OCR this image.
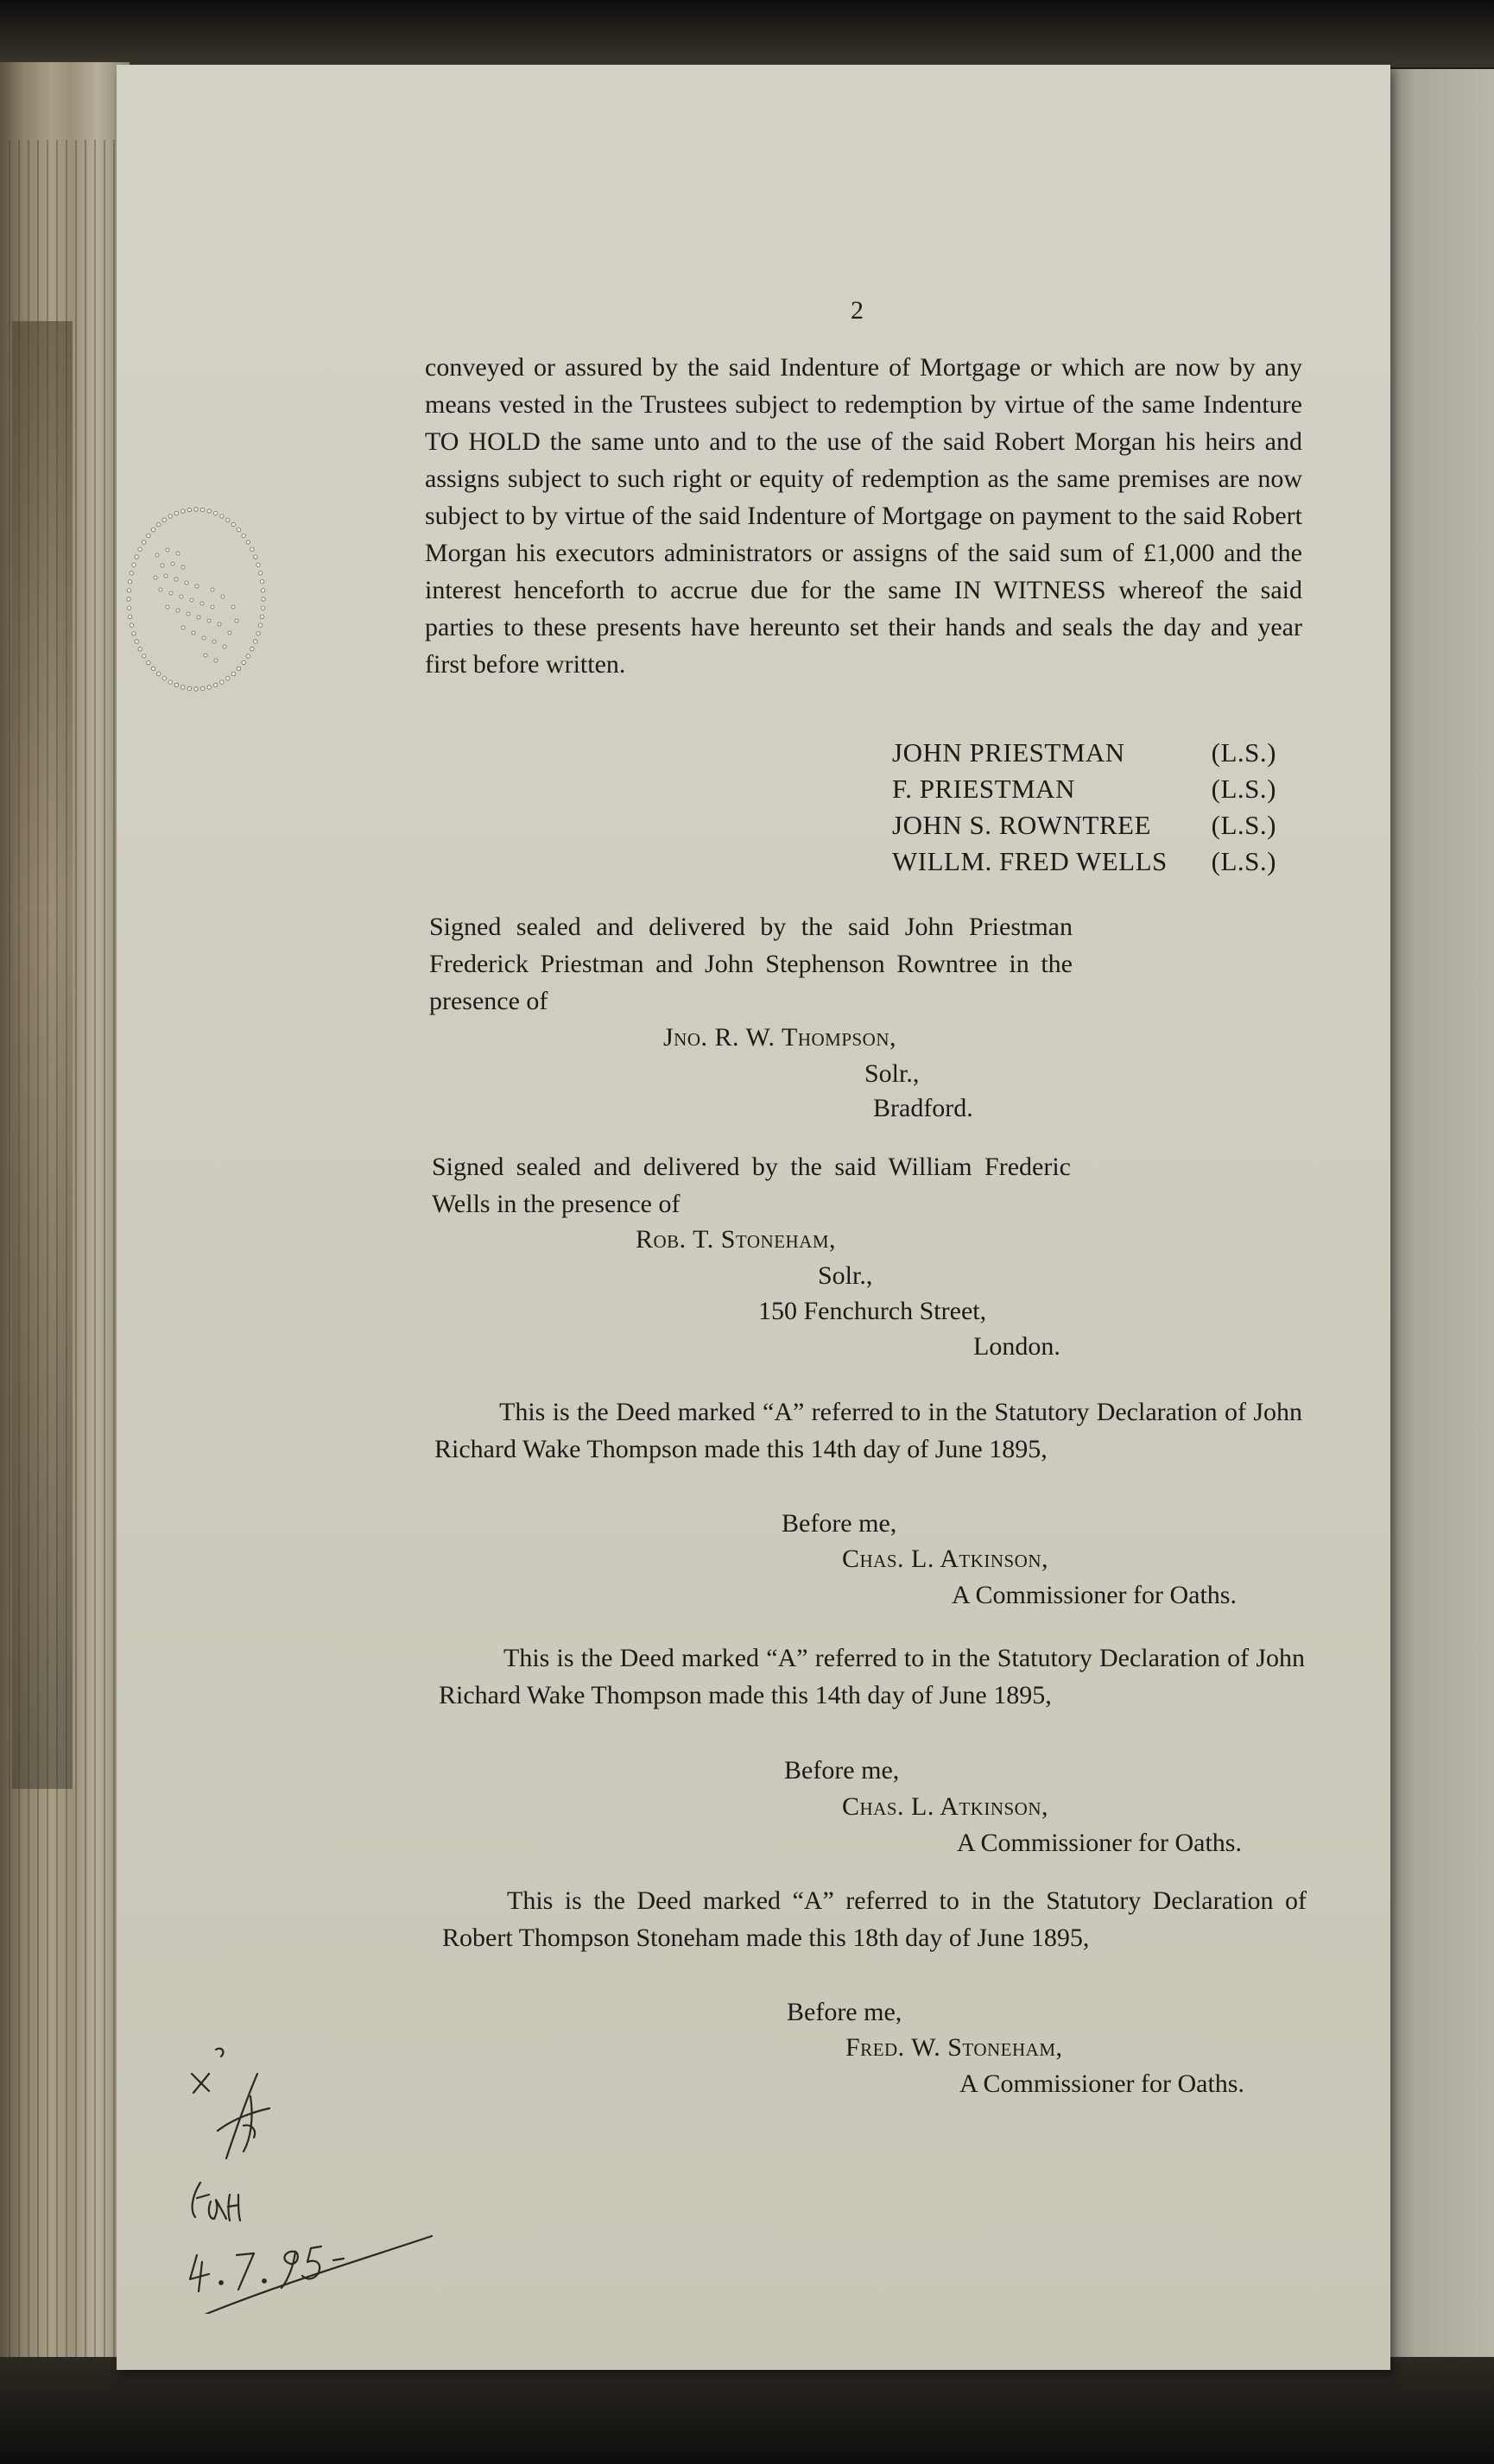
2
conveyed or assured by the said Indenture of Mortgage or which are now by any means vested in the Trustees subject to redemption by virtue of the same Indenture TO HOLD the same unto and to the use of the said Robert Morgan his heirs and assigns subject to such right or equity of redemption as the same premises are now subject to by virtue of the said Indenture of Mortgage on payment to the said Robert Morgan his executors administrators or assigns of the said sum of £1,000 and the interest henceforth to accrue due for the same IN WITNESS whereof the said parties to these presents have hereunto set their hands and seals the day and year first before written.
JOHN PRIESTMAN	(L.S.)
F. PRIESTMAN	(L.S.)
JOHN S. ROWNTREE (L.S.)
WILLM. FRED WELLS (L.S.)
Signed sealed and delivered by the said John Priestman Frederick Priestman and John Stephenson Rowntree in the presence of
Jno. R. W. Thompson,
Solr.,
Bradford.
Signed sealed and delivered by the said William Frederic Wells in the presence of
Rob. T. Stoneham,
Solr.,
150 Fenchurch Street,
London.
This is the Deed marked “A” referred to in the Statutory Declaration of John Richard Wake Thompson made this 14th day of June 1895,
Before me,
Chas. L. Atkinson,
A Commissioner for Oaths.
This is the Deed marked “A” referred to in the Statutory Declaration of John Richard Wake Thompson made this 14th day of June 1895,
Before me,
Chas. L. Atkinson,
A Commissioner for Oaths.
This is the Deed marked “A” referred to in the Statutory Declaration of Robert Thompson Stoneham made this 18th day of June 1895,
Before me,
Fred. W. Stoneham,
A Commissioner for Oaths.
